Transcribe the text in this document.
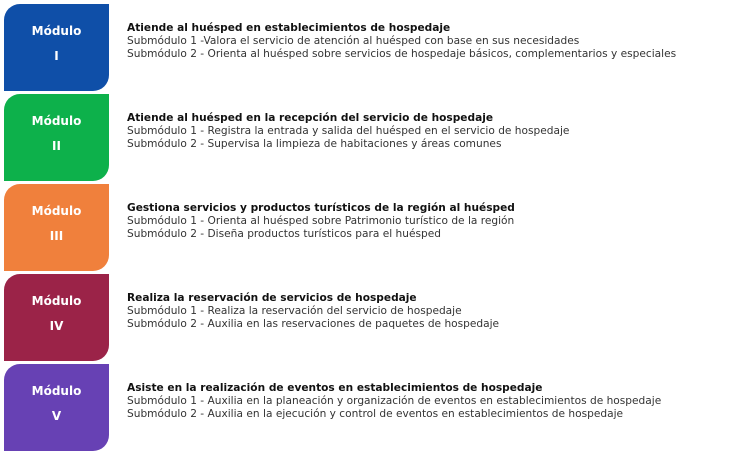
Módulo
I
Atiende al huésped en establecimientos de hospedaje
Submódulo 1 -Valora el servicio de atención al huésped con base en sus necesidades
Submódulo 2 - Orienta al huésped sobre servicios de hospedaje básicos, complementarios y especiales
Módulo
II
Atiende al huésped en la recepción del servicio de hospedaje
Submódulo 1 - Registra la entrada y salida del huésped en el servicio de hospedaje
Submódulo 2 - Supervisa la limpieza de habitaciones y áreas comunes
Módulo
III
Gestiona servicios y productos turísticos de la región al huésped
Submódulo 1 - Orienta al huésped sobre Patrimonio turístico de la región
Submódulo 2 - Diseña productos turísticos para el huésped
Módulo
IV
Realiza la reservación de servicios de hospedaje
Submódulo 1 - Realiza la reservación del servicio de hospedaje
Submódulo 2 - Auxilia en las reservaciones de paquetes de hospedaje
Módulo
V
Asiste en la realización de eventos en establecimientos de hospedaje
Submódulo 1 - Auxilia en la planeación y organización de eventos en establecimientos de hospedaje
Submódulo 2 - Auxilia en la ejecución y control de eventos en establecimientos de hospedaje
